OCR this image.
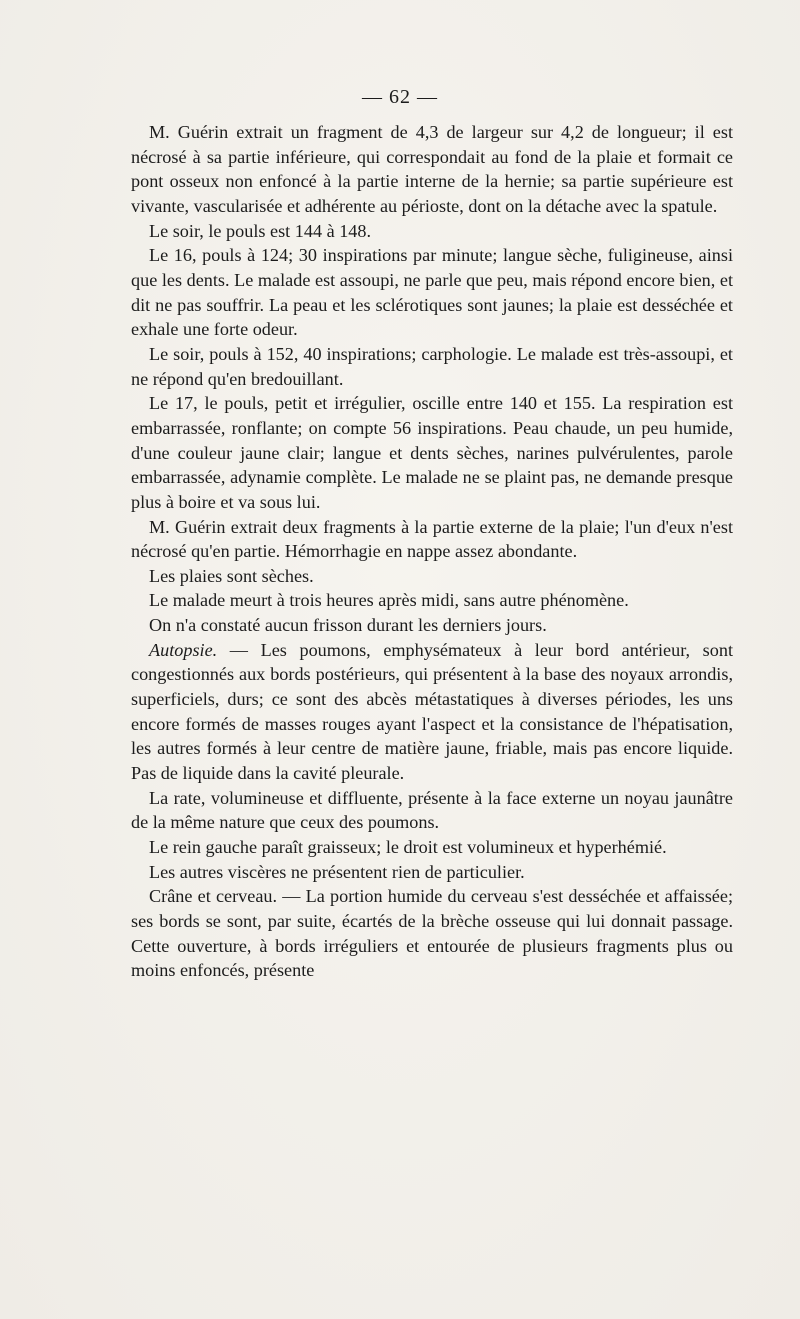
— 62 —

M. Guérin extrait un fragment de 4,3 de largeur sur 4,2 de longueur; il est nécrosé à sa partie inférieure, qui correspondait au fond de la plaie et formait ce pont osseux non enfoncé à la partie interne de la hernie; sa partie supérieure est vivante, vascularisée et adhérente au périoste, dont on la détache avec la spatule.

Le soir, le pouls est 144 à 148.

Le 16, pouls à 124; 30 inspirations par minute; langue sèche, fuligineuse, ainsi que les dents. Le malade est assoupi, ne parle que peu, mais répond encore bien, et dit ne pas souffrir. La peau et les sclérotiques sont jaunes; la plaie est desséchée et exhale une forte odeur.

Le soir, pouls à 152, 40 inspirations; carphologie. Le malade est très-assoupi, et ne répond qu'en bredouillant.

Le 17, le pouls, petit et irrégulier, oscille entre 140 et 155. La respiration est embarrassée, ronflante; on compte 56 inspirations. Peau chaude, un peu humide, d'une couleur jaune clair; langue et dents sèches, narines pulvérulentes, parole embarrassée, adynamie complète. Le malade ne se plaint pas, ne demande presque plus à boire et va sous lui.

M. Guérin extrait deux fragments à la partie externe de la plaie; l'un d'eux n'est nécrosé qu'en partie. Hémorrhagie en nappe assez abondante.

Les plaies sont sèches.

Le malade meurt à trois heures après midi, sans autre phénomène.

On n'a constaté aucun frisson durant les derniers jours.

Autopsie. — Les poumons, emphysémateux à leur bord antérieur, sont congestionnés aux bords postérieurs, qui présentent à la base des noyaux arrondis, superficiels, durs; ce sont des abcès métastatiques à diverses périodes, les uns encore formés de masses rouges ayant l'aspect et la consistance de l'hépatisation, les autres formés à leur centre de matière jaune, friable, mais pas encore liquide. Pas de liquide dans la cavité pleurale.

La rate, volumineuse et diffluente, présente à la face externe un noyau jaunâtre de la même nature que ceux des poumons.

Le rein gauche paraît graisseux; le droit est volumineux et hyperhémié.

Les autres viscères ne présentent rien de particulier.

Crâne et cerveau. — La portion humide du cerveau s'est desséchée et affaissée; ses bords se sont, par suite, écartés de la brèche osseuse qui lui donnait passage. Cette ouverture, à bords irréguliers et entourée de plusieurs fragments plus ou moins enfoncés, présente
